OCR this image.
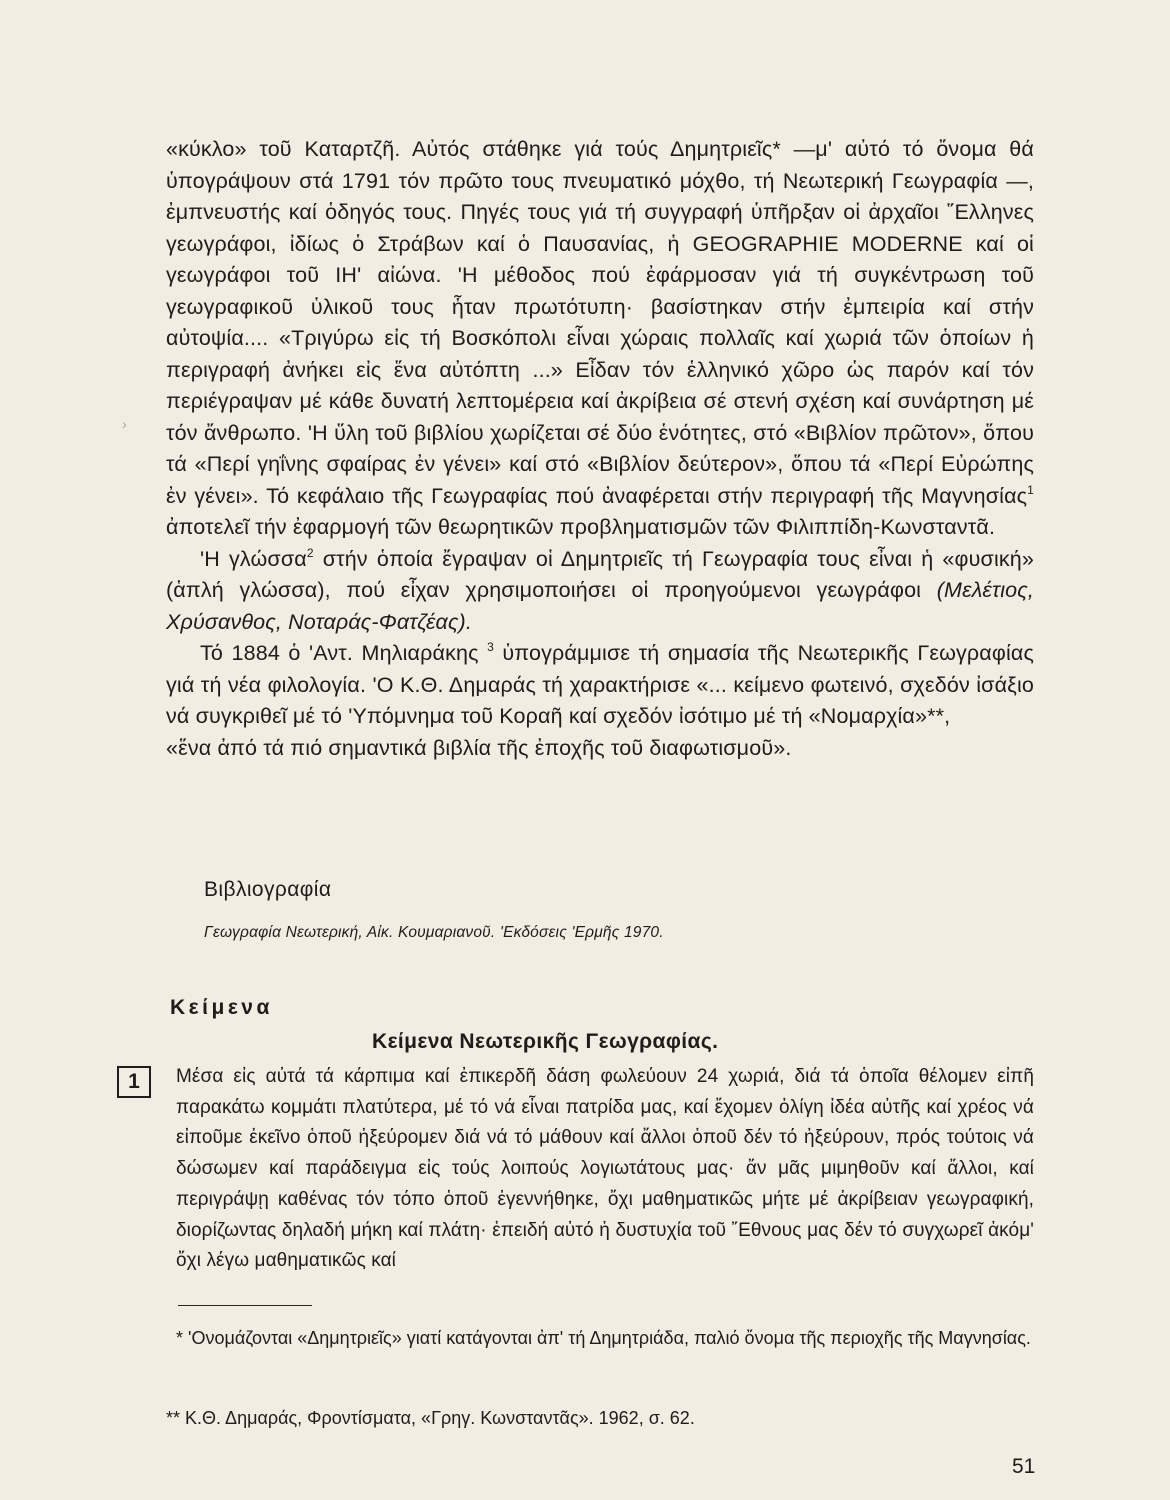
«κύκλο» τοῦ Καταρτζῆ. Αὐτός στάθηκε γιά τούς Δημητριεῖς* —μ' αὐτό τό ὄνομα θά ὑπογράψουν στά 1791 τόν πρῶτο τους πνευματικό μόχθο, τή Νεωτερική Γεωγραφία —, ἐμπνευστής καί ὁδηγός τους. Πηγές τους γιά τή συγγραφή ὑπῆρξαν οἱ ἀρχαῖοι ῞Ελληνες γεωγράφοι, ἰδίως ὁ Στράβων καί ὁ Παυσανίας, ἡ GEOGRAPHIE MODERNE καί οἱ γεωγράφοι τοῦ ΙΗ' αἰώνα. 'Η μέθοδος πού ἐφάρμοσαν γιά τή συγκέντρωση τοῦ γεωγραφικοῦ ὑλικοῦ τους ἦταν πρωτότυπη· βασίστηκαν στήν ἐμπειρία καί στήν αὐτοψία.... «Τριγύρω εἰς τή Βοσκόπολι εἶναι χώραις πολλαῖς καί χωριά τῶν ὁποίων ἡ περιγραφή ἀνήκει εἰς ἕνα αὐτόπτη ...» Εἶδαν τόν ἑλληνικό χῶρο ὡς παρόν καί τόν περιέγραψαν μέ κάθε δυνατή λεπτομέρεια καί ἀκρίβεια σέ στενή σχέση καί συνάρτηση μέ τόν ἄνθρωπο. 'Η ὕλη τοῦ βιβλίου χωρίζεται σέ δύο ἑνότητες, στό «Βιβλίον πρῶτον», ὅπου τά «Περί γηΐνης σφαίρας ἐν γένει» καί στό «Βιβλίον δεύτερον», ὅπου τά «Περί Εὐρώπης ἐν γένει». Τό κεφάλαιο τῆς Γεωγραφίας πού ἀναφέρεται στήν περιγραφή τῆς Μαγνησίας$^1$ ἀποτελεῖ τήν ἐφαρμογή τῶν θεωρητικῶν προβληματισμῶν τῶν Φιλιππίδη-Κωνσταντᾶ.

'Η γλώσσα$^2$ στήν ὁποία ἔγραψαν οἱ Δημητριεῖς τή Γεωγραφία τους εἶναι ἡ «φυσική» (ἁπλή γλώσσα), πού εἶχαν χρησιμοποιήσει οἱ προηγούμενοι γεωγράφοι (Μελέτιος, Χρύσανθος, Νοταράς-Φατζέας).

Τό 1884 ὁ 'Αντ. Μηλιαράκης $^3$ ὑπογράμμισε τή σημασία τῆς Νεωτερικῆς Γεωγραφίας γιά τή νέα φιλολογία. 'Ο Κ.Θ. Δημαράς τή χαρακτήρισε «... κείμενο φωτεινό, σχεδόν ἰσάξιο νά συγκριθεῖ μέ τό 'Υπόμνημα τοῦ Κοραῆ καί σχεδόν ἰσότιμο μέ τή «Νομαρχία»**,

«ἕνα ἀπό τά πιό σημαντικά βιβλία τῆς ἐποχῆς τοῦ διαφωτισμοῦ».

Βιβλιογραφία
Γεωγραφία Νεωτερική, Αἰκ. Κουμαριανοῦ. 'Εκδόσεις 'Ερμῆς 1970.
Κείμενα
Κείμενα Νεωτερικῆς Γεωγραφίας.
1	Μέσα εἰς αὐτά τά κάρπιμα καί ἐπικερδῆ δάση φωλεύουν 24 χωριά, διά τά ὁποῖα θέλομεν εἰπῆ παρακάτω κομμάτι πλατύτερα, μέ τό νά εἶναι πατρίδα μας, καί ἔχομεν ὀλίγη ἰδέα αὐτῆς καί χρέος νά εἰποῦμε ἐκεῖνο ὁποῦ ἠξεύρομεν διά νά τό μάθουν καί ἄλλοι ὁποῦ δέν τό ἠξεύρουν, πρός τούτοις νά δώσωμεν καί παράδειγμα εἰς τούς λοιπούς λογιωτάτους μας· ἄν μᾶς μιμηθοῦν καί ἄλλοι, καί περιγράψῃ καθένας τόν τόπο ὁποῦ ἐγεννήθηκε, ὄχι μαθηματικῶς μήτε μέ ἀκρίβειαν γεωγραφική, διορίζωντας δηλαδή μήκη καί πλάτη· ἐπειδή αὐτό ἡ δυστυχία τοῦ ῎Εθνους μας δέν τό συγχωρεῖ ἀκόμ' ὄχι λέγω μαθηματικῶς καί

* 'Ονομάζονται «Δημητριεῖς» γιατί κατάγονται ἀπ' τή Δημητριάδα, παλιό ὄνομα τῆς περιοχῆς τῆς Μαγνησίας.
** Κ.Θ. Δημαράς, Φροντίσματα, «Γρηγ. Κωνσταντᾶς». 1962, σ. 62.
51
›
